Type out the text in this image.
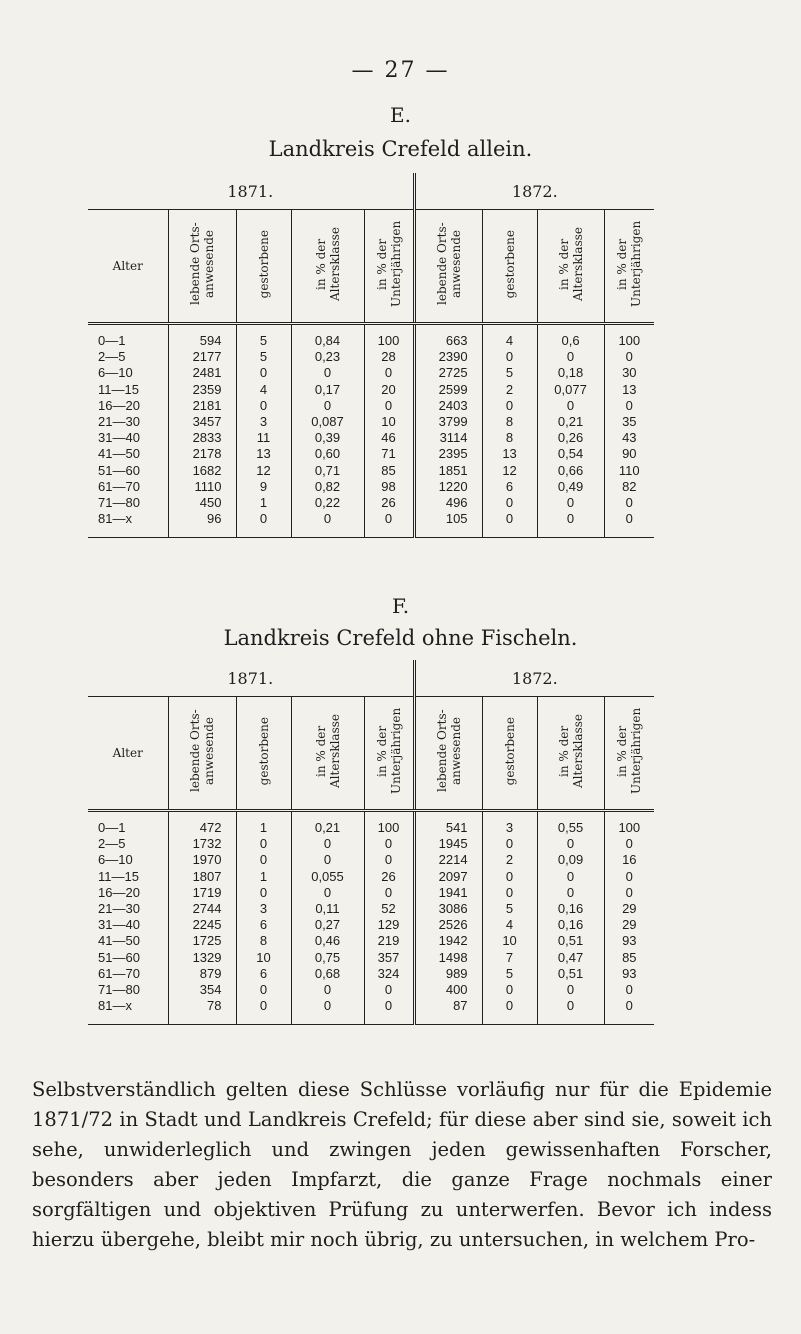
— 27 —
E.
Landkreis Crefeld allein.
1871.					1872.			
Alter	lebende Orts-anwesende	gestorbene	in % der Altersklasse	in % der Unterjährigen	lebende Orts-anwesende	gestorbene	in % der Altersklasse	in % der Unterjährigen
0—1	594	5	0,84	100	663	4	0,6	100
2—5	2177	5	0,23	28	2390	0	0	0
6—10	2481	0	0	0	2725	5	0,18	30
11—15	2359	4	0,17	20	2599	2	0,077	13
16—20	2181	0	0	0	2403	0	0	0
21—30	3457	3	0,087	10	3799	8	0,21	35
31—40	2833	11	0,39	46	3114	8	0,26	43
41—50	2178	13	0,60	71	2395	13	0,54	90
51—60	1682	12	0,71	85	1851	12	0,66	110
61—70	1110	9	0,82	98	1220	6	0,49	82
71—80	450	1	0,22	26	496	0	0	0
81—x	96	0	0	0	105	0	0	0
F.
Landkreis Crefeld ohne Fischeln.
1871.					1872.			
Alter	lebende Orts-anwesende	gestorbene	in % der Altersklasse	in % der Unterjährigen	lebende Orts-anwesende	gestorbene	in % der Altersklasse	in % der Unterjährigen
0—1	472	1	0,21	100	541	3	0,55	100
2—5	1732	0	0	0	1945	0	0	0
6—10	1970	0	0	0	2214	2	0,09	16
11—15	1807	1	0,055	26	2097	0	0	0
16—20	1719	0	0	0	1941	0	0	0
21—30	2744	3	0,11	52	3086	5	0,16	29
31—40	2245	6	0,27	129	2526	4	0,16	29
41—50	1725	8	0,46	219	1942	10	0,51	93
51—60	1329	10	0,75	357	1498	7	0,47	85
61—70	879	6	0,68	324	989	5	0,51	93
71—80	354	0	0	0	400	0	0	0
81—x	78	0	0	0	87	0	0	0
Selbstverständlich gelten diese Schlüsse vorläufig nur für die Epidemie 1871/72 in Stadt und Landkreis Crefeld; für diese aber sind sie, soweit ich sehe, unwiderleglich und zwingen jeden gewissenhaften Forscher, besonders aber jeden Impfarzt, die ganze Frage nochmals einer sorgfältigen und objektiven Prüfung zu unterwerfen. Bevor ich indess hierzu übergehe, bleibt mir noch übrig, zu untersuchen, in welchem Pro-
